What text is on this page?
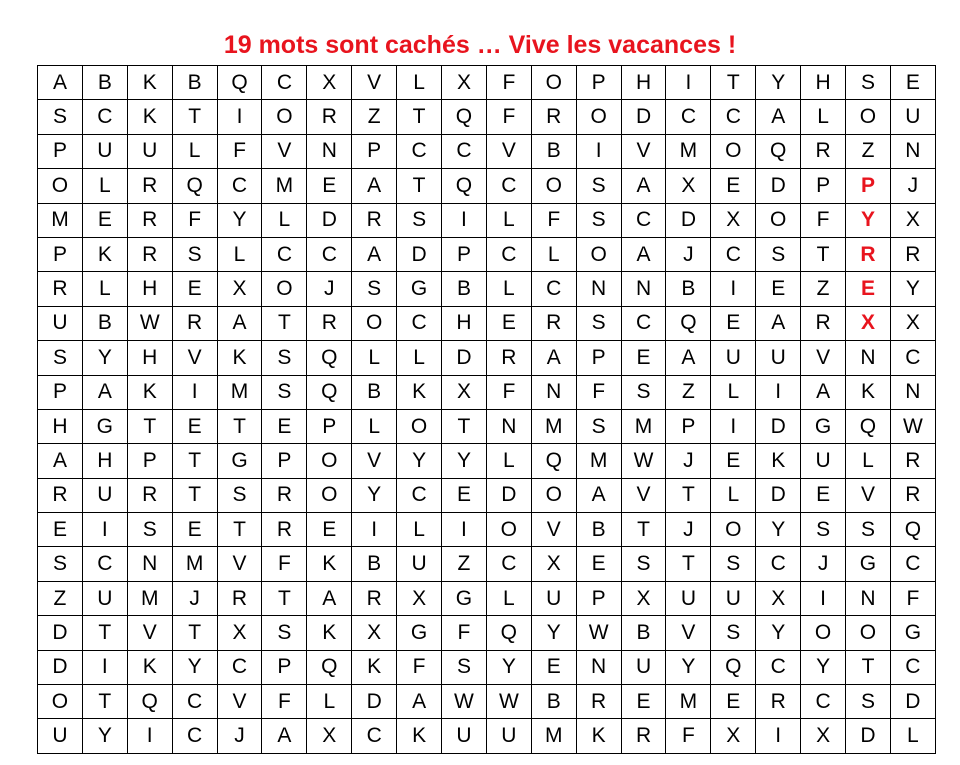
19 mots sont cachés … Vive les vacances !
A	B	K	B	Q	C	X	V	L	X	F	O	P	H	I	T	Y	H	S	E
S	C	K	T	I	O	R	Z	T	Q	F	R	O	D	C	C	A	L	O	U
P	U	U	L	F	V	N	P	C	C	V	B	I	V	M	O	Q	R	Z	N
O	L	R	Q	C	M	E	A	T	Q	C	O	S	A	X	E	D	P	P	J
M	E	R	F	Y	L	D	R	S	I	L	F	S	C	D	X	O	F	Y	X
P	K	R	S	L	C	C	A	D	P	C	L	O	A	J	C	S	T	R	R
R	L	H	E	X	O	J	S	G	B	L	C	N	N	B	I	E	Z	E	Y
U	B	W	R	A	T	R	O	C	H	E	R	S	C	Q	E	A	R	X	X
S	Y	H	V	K	S	Q	L	L	D	R	A	P	E	A	U	U	V	N	C
P	A	K	I	M	S	Q	B	K	X	F	N	F	S	Z	L	I	A	K	N
H	G	T	E	T	E	P	L	O	T	N	M	S	M	P	I	D	G	Q	W
A	H	P	T	G	P	O	V	Y	Y	L	Q	M	W	J	E	K	U	L	R
R	U	R	T	S	R	O	Y	C	E	D	O	A	V	T	L	D	E	V	R
E	I	S	E	T	R	E	I	L	I	O	V	B	T	J	O	Y	S	S	Q
S	C	N	M	V	F	K	B	U	Z	C	X	E	S	T	S	C	J	G	C
Z	U	M	J	R	T	A	R	X	G	L	U	P	X	U	U	X	I	N	F
D	T	V	T	X	S	K	X	G	F	Q	Y	W	B	V	S	Y	O	O	G
D	I	K	Y	C	P	Q	K	F	S	Y	E	N	U	Y	Q	C	Y	T	C
O	T	Q	C	V	F	L	D	A	W	W	B	R	E	M	E	R	C	S	D
U	Y	I	C	J	A	X	C	K	U	U	M	K	R	F	X	I	X	D	L
